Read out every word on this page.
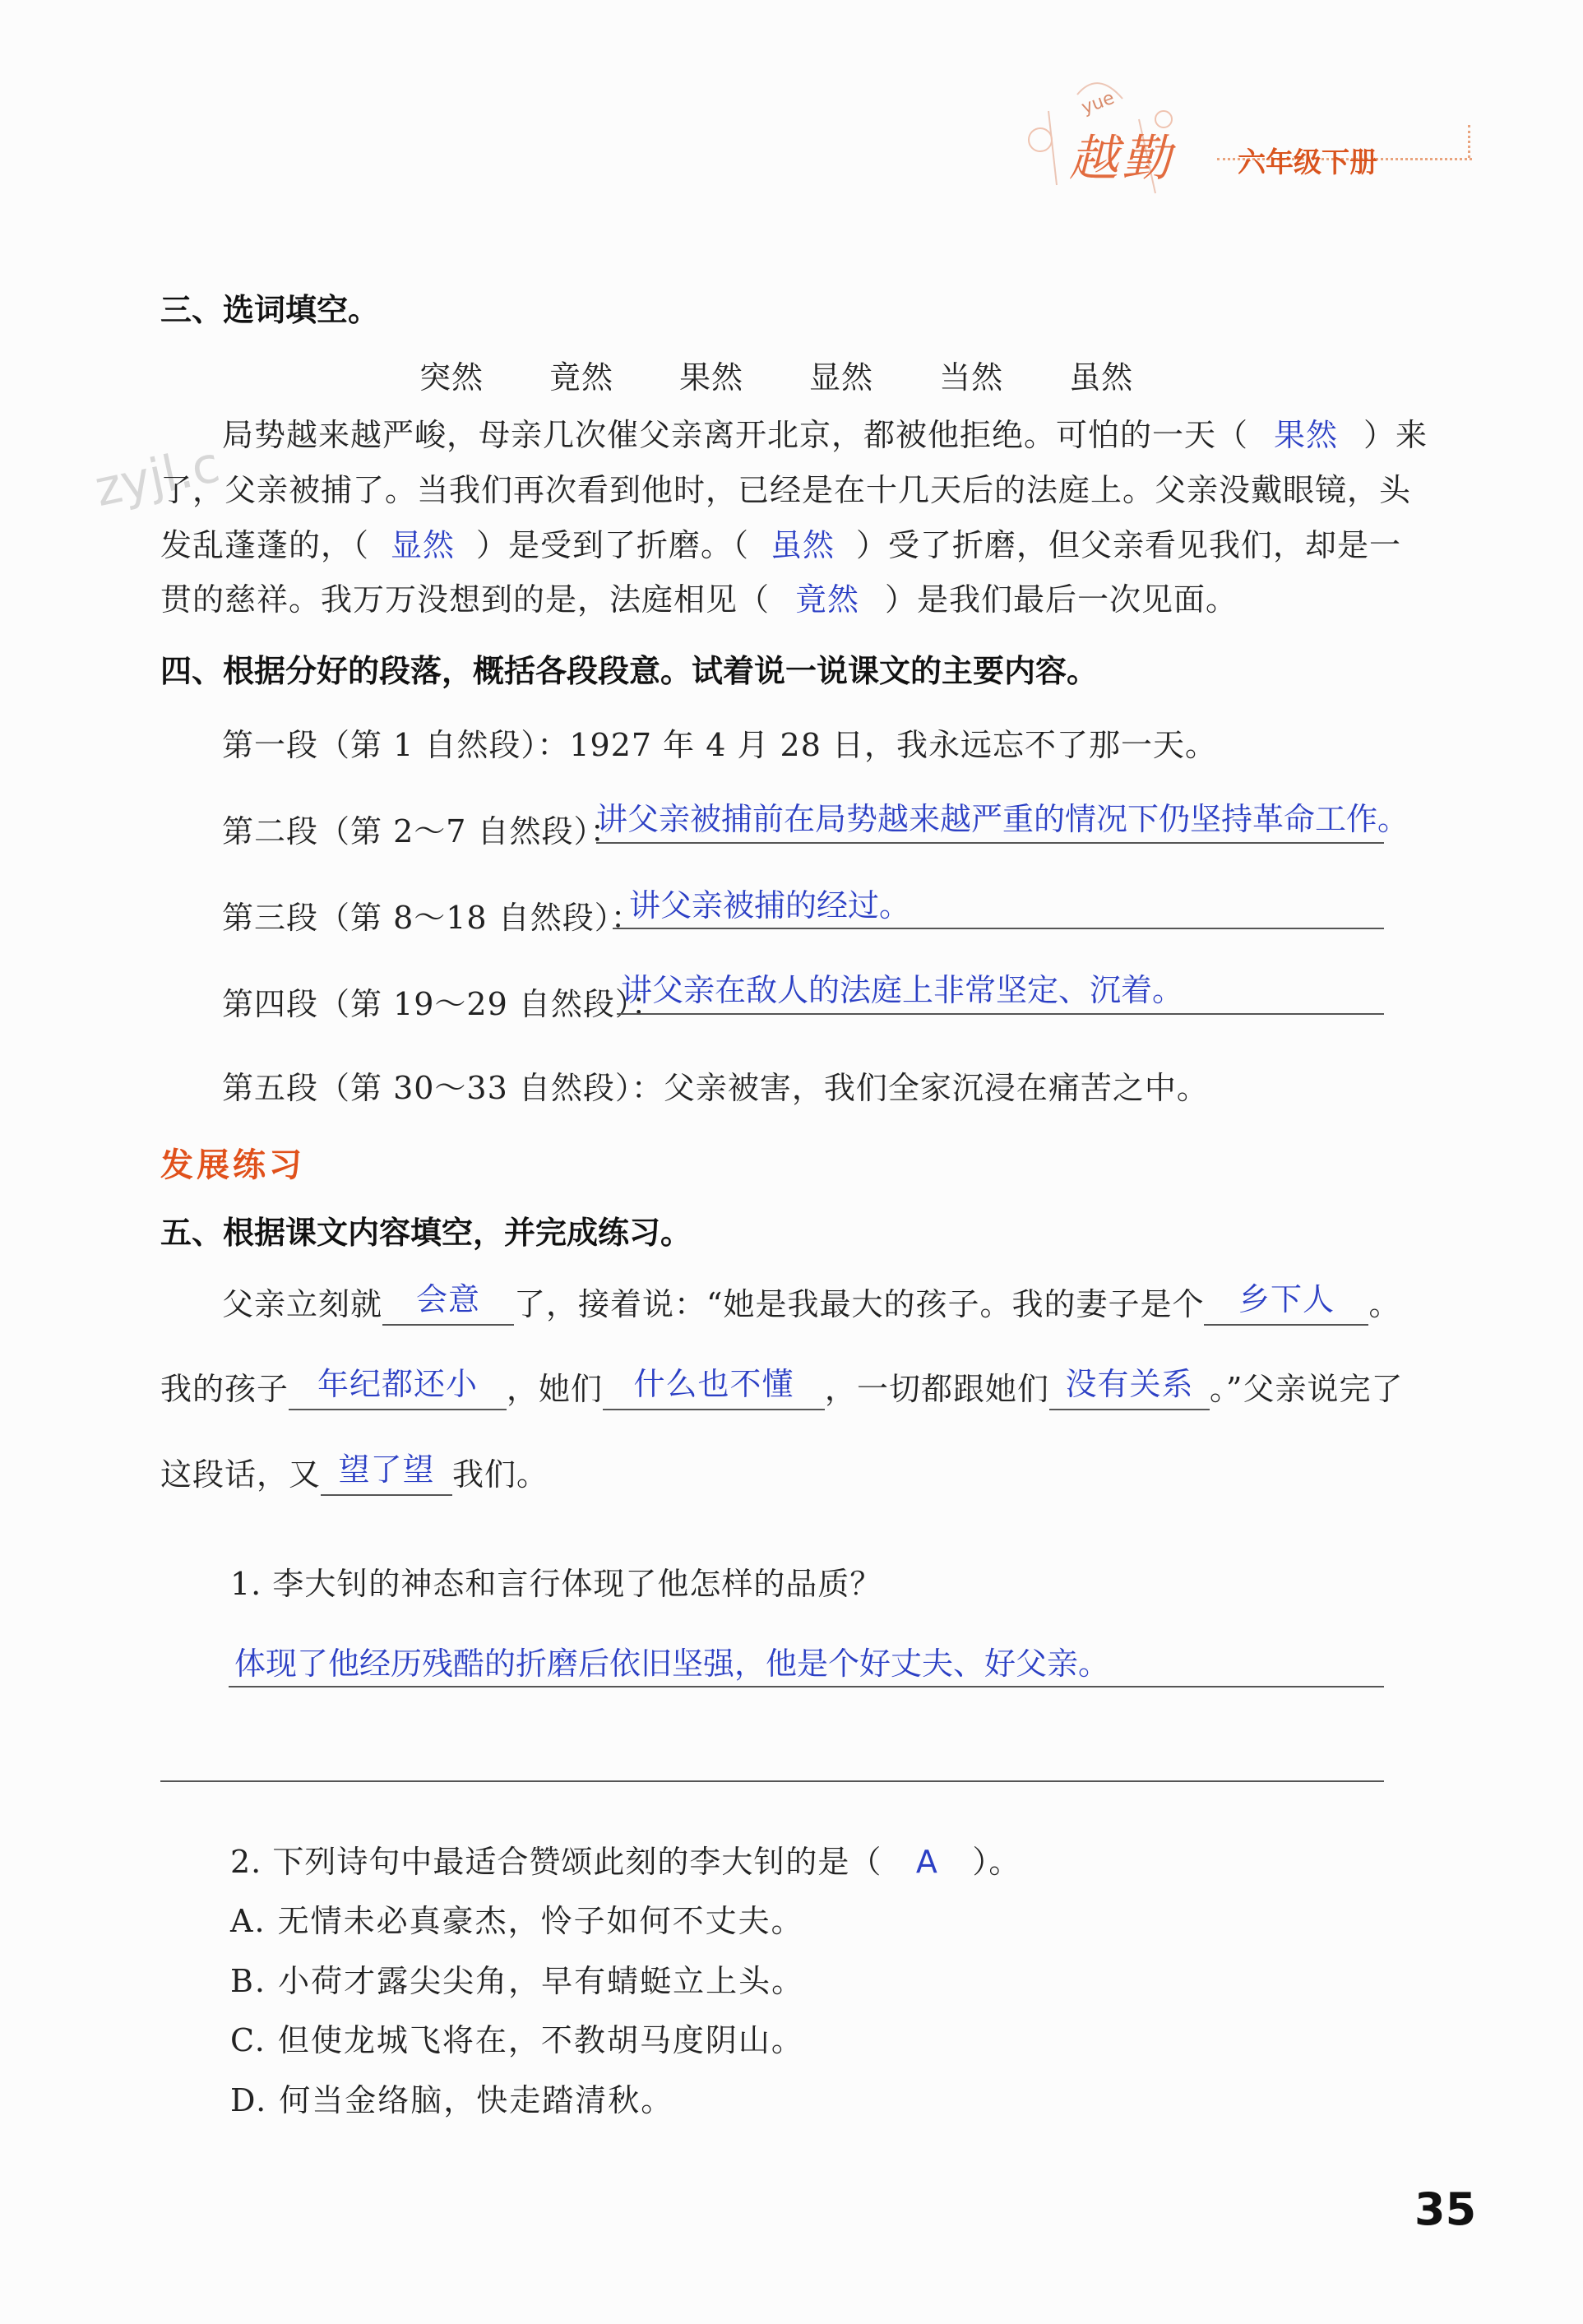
yue
越勤 六年级下册
zyjl.c
三、选词填空。
突然 竟然 果然 显然 当然 虽然
局势越来越严峻，母亲几次催父亲离开北京，都被他拒绝。可怕的一天（ 果然 ）来
了，父亲被捕了。当我们再次看到他时，已经是在十几天后的法庭上。父亲没戴眼镜，头
发乱蓬蓬的，（ 显然 ）是受到了折磨。（ 虽然 ）受了折磨，但父亲看见我们，却是一
贯的慈祥。我万万没想到的是，法庭相见（ 竟然 ）是我们最后一次见面。
四、根据分好的段落，概括各段段意。试着说一说课文的主要内容。
第一段（第 1 自然段）：1927 年 4 月 28 日，我永远忘不了那一天。
第二段（第 2～7 自然段）：
讲父亲被捕前在局势越来越严重的情况下仍坚持革命工作。
第三段（第 8～18 自然段）：
讲父亲被捕的经过。
第四段（第 19～29 自然段）：
讲父亲在敌人的法庭上非常坚定、沉着。
第五段（第 30～33 自然段）：父亲被害，我们全家沉浸在痛苦之中。
发展练习
五、根据课文内容填空，并完成练习。
父亲立刻就 会意 了，接着说：“她是我最大的孩子。我的妻子是个 乡下人 。
我的孩子 年纪都还小 ，她们 什么也不懂 ，一切都跟她们 没有关系 。”父亲说完了
这段话，又 望了望 我们。
1. 李大钊的神态和言行体现了他怎样的品质？
体现了他经历残酷的折磨后依旧坚强，他是个好丈夫、好父亲。
2. 下列诗句中最适合赞颂此刻的李大钊的是（ A ）。
A. 无情未必真豪杰，怜子如何不丈夫。
B. 小荷才露尖尖角，早有蜻蜓立上头。
C. 但使龙城飞将在，不教胡马度阴山。
D. 何当金络脑，快走踏清秋。
35
